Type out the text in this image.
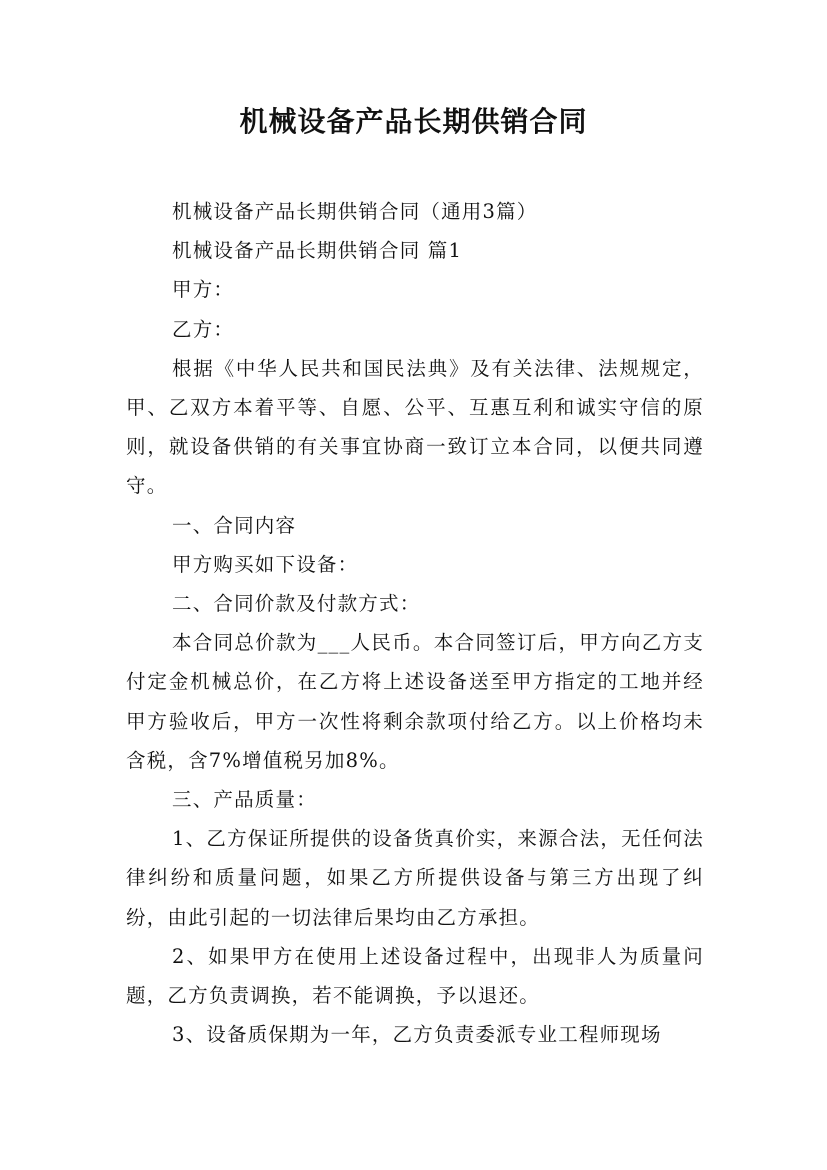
机械设备产品长期供销合同

机械设备产品长期供销合同（通用3篇）

机械设备产品长期供销合同 篇1

甲方：

乙方：

根据《中华人民共和国民法典》及有关法律、法规规定，甲、乙双方本着平等、自愿、公平、互惠互利和诚实守信的原则，就设备供销的有关事宜协商一致订立本合同，以便共同遵守。

一、合同内容

甲方购买如下设备：

二、合同价款及付款方式：

本合同总价款为___人民币。本合同签订后，甲方向乙方支付定金机械总价，在乙方将上述设备送至甲方指定的工地并经甲方验收后，甲方一次性将剩余款项付给乙方。以上价格均未含税，含7%增值税另加8%。

三、产品质量：

1、乙方保证所提供的设备货真价实，来源合法，无任何法律纠纷和质量问题，如果乙方所提供设备与第三方出现了纠纷，由此引起的一切法律后果均由乙方承担。

2、如果甲方在使用上述设备过程中，出现非人为质量问题，乙方负责调换，若不能调换，予以退还。

3、设备质保期为一年，乙方负责委派专业工程师现场
